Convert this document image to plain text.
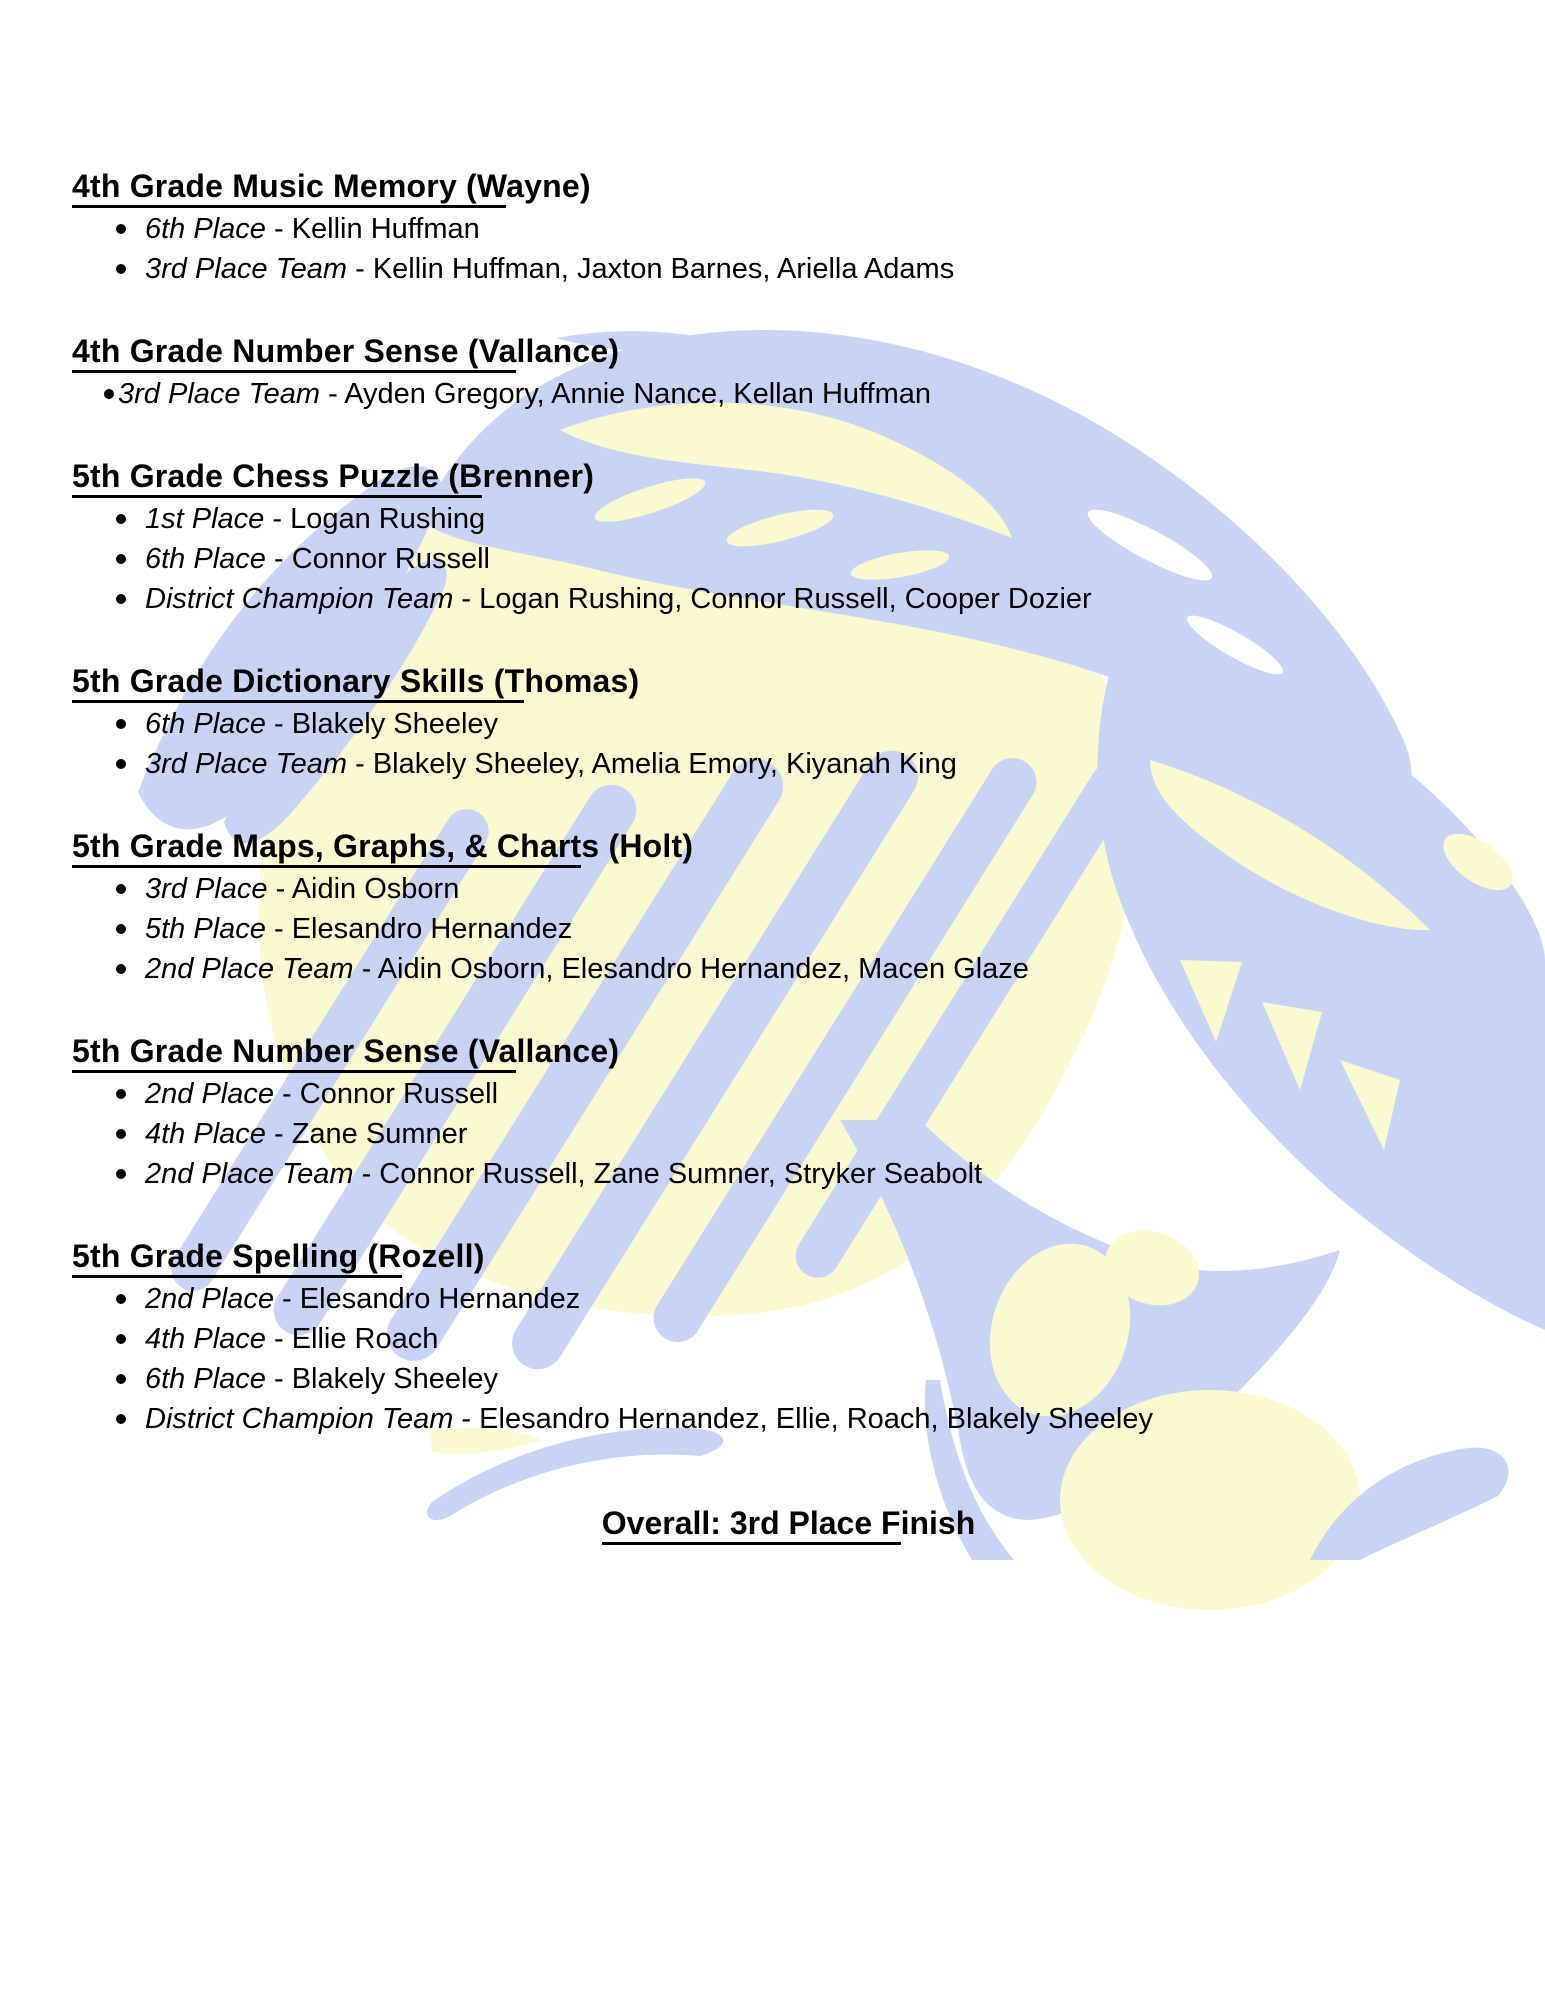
4th Grade Music Memory (Wayne)
6th Place - Kellin Huffman
3rd Place Team - Kellin Huffman, Jaxton Barnes, Ariella Adams
4th Grade Number Sense (Vallance)
3rd Place Team - Ayden Gregory, Annie Nance, Kellan Huffman
5th Grade Chess Puzzle (Brenner)
1st Place - Logan Rushing
6th Place - Connor Russell
District Champion Team - Logan Rushing, Connor Russell, Cooper Dozier
5th Grade Dictionary Skills (Thomas)
6th Place - Blakely Sheeley
3rd Place Team - Blakely Sheeley, Amelia Emory, Kiyanah King
5th Grade Maps, Graphs, & Charts (Holt)
3rd Place - Aidin Osborn
5th Place - Elesandro Hernandez
2nd Place Team - Aidin Osborn, Elesandro Hernandez, Macen Glaze
5th Grade Number Sense (Vallance)
2nd Place - Connor Russell
4th Place - Zane Sumner
2nd Place Team - Connor Russell, Zane Sumner, Stryker Seabolt
5th Grade Spelling (Rozell)
2nd Place - Elesandro Hernandez
4th Place - Ellie Roach
6th Place - Blakely Sheeley
District Champion Team - Elesandro Hernandez, Ellie, Roach, Blakely Sheeley

Overall: 3rd Place Finish
